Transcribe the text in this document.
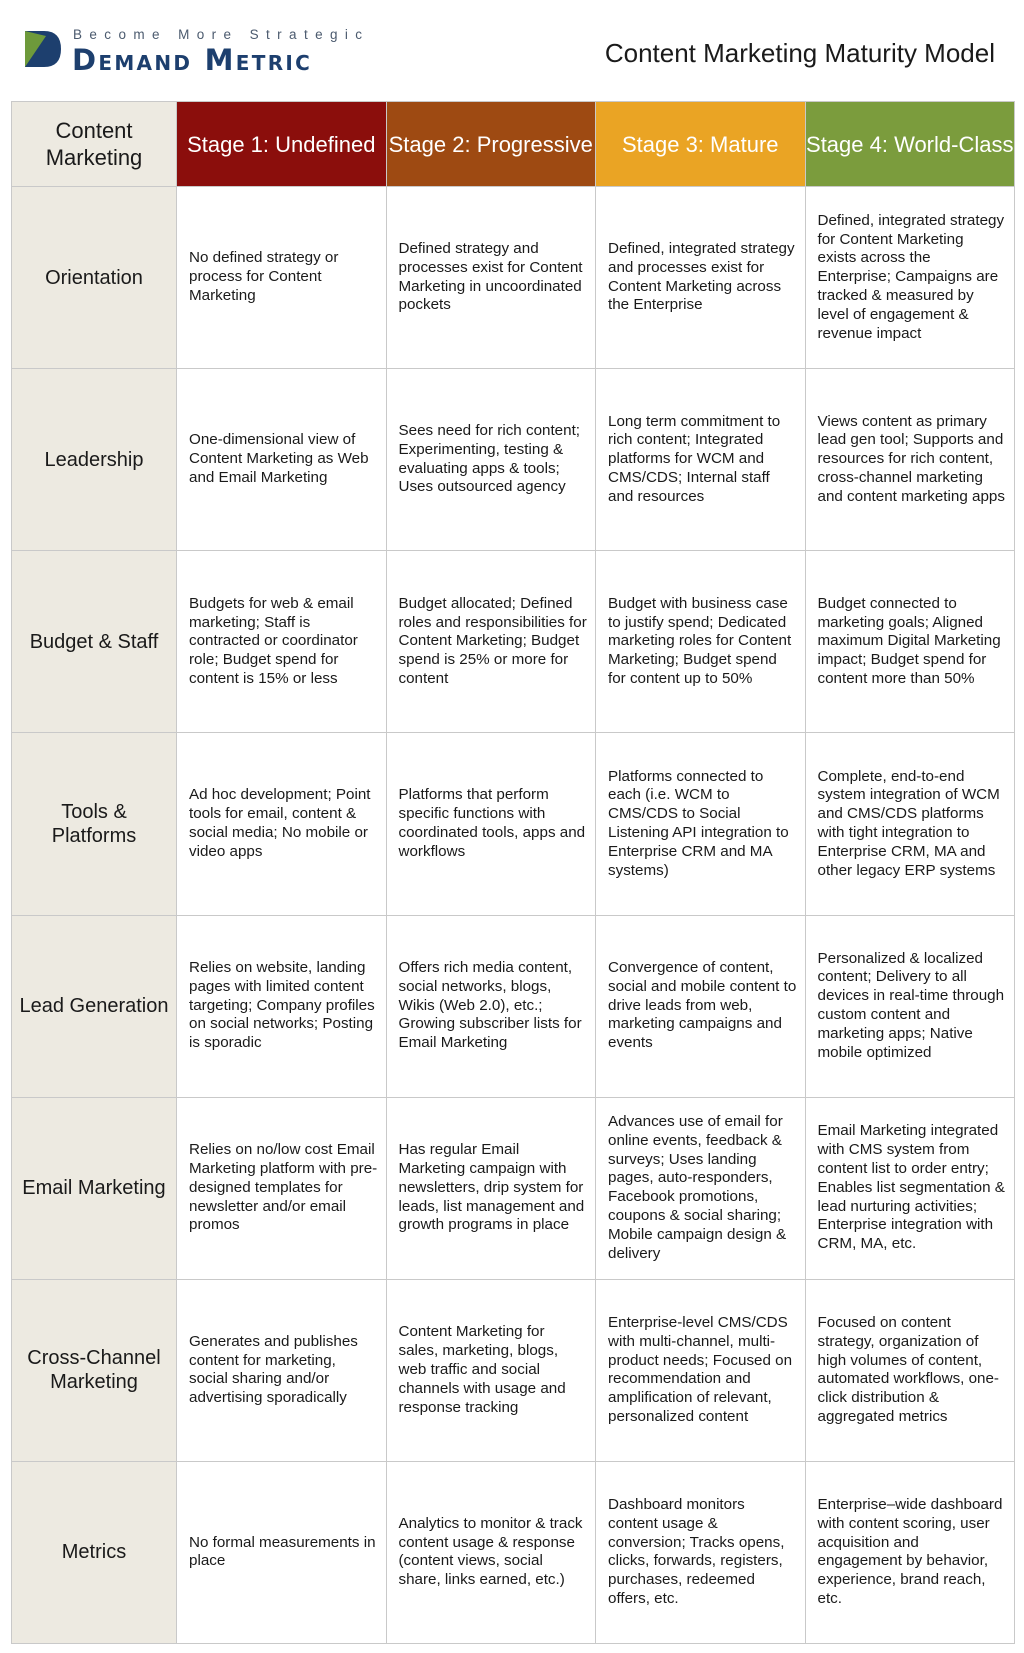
Become More Strategic
Demand Metric	Content Marketing Maturity Model
Content Marketing	Stage 1: Undefined	Stage 2: Progressive	Stage 3: Mature	Stage 4: World-Class
Orientation	No defined strategy or process for Content Marketing	Defined strategy and processes exist for Content Marketing in uncoordinated pockets	Defined, integrated strategy and processes exist for Content Marketing across the Enterprise	Defined, integrated strategy for Content Marketing exists across the Enterprise; Campaigns are tracked & measured by level of engagement & revenue impact
Leadership	One-dimensional view of Content Marketing as Web and Email Marketing	Sees need for rich content; Experimenting, testing & evaluating apps & tools; Uses outsourced agency	Long term commitment to rich content; Integrated platforms for WCM and CMS/CDS; Internal staff and resources	Views content as primary lead gen tool; Supports and resources for rich content, cross-channel marketing and content marketing apps
Budget & Staff	Budgets for web & email marketing; Staff is contracted or coordinator role; Budget spend for content is 15% or less	Budget allocated; Defined roles and responsibilities for Content Marketing; Budget spend is 25% or more for content	Budget with business case to justify spend; Dedicated marketing roles for Content Marketing; Budget spend for content up to 50%	Budget connected to marketing goals; Aligned maximum Digital Marketing impact; Budget spend for content more than 50%
Tools & Platforms	Ad hoc development; Point tools for email, content & social media; No mobile or video apps	Platforms that perform specific functions with coordinated tools, apps and workflows	Platforms connected to each (i.e. WCM to CMS/CDS to Social Listening API integration to Enterprise CRM and MA systems)	Complete, end-to-end system integration of WCM and CMS/CDS platforms with tight integration to Enterprise CRM, MA and other legacy ERP systems
Lead Generation	Relies on website, landing pages with limited content targeting; Company profiles on social networks; Posting is sporadic	Offers rich media content, social networks, blogs, Wikis (Web 2.0), etc.; Growing subscriber lists for Email Marketing	Convergence of content, social and mobile content to drive leads from web, marketing campaigns and events	Personalized & localized content; Delivery to all devices in real-time through custom content and marketing apps; Native mobile optimized
Email Marketing	Relies on no/low cost Email Marketing platform with pre-designed templates for newsletter and/or email promos	Has regular Email Marketing campaign with newsletters, drip system for leads, list management and growth programs in place	Advances use of email for online events, feedback & surveys; Uses landing pages, auto-responders, Facebook promotions, coupons & social sharing; Mobile campaign design & delivery	Email Marketing integrated with CMS system from content list to order entry; Enables list segmentation & lead nurturing activities; Enterprise integration with CRM, MA, etc.
Cross-Channel Marketing	Generates and publishes content for marketing, social sharing and/or advertising sporadically	Content Marketing for sales, marketing, blogs, web traffic and social channels with usage and response tracking	Enterprise-level CMS/CDS with multi-channel, multi-product needs; Focused on recommendation and amplification of relevant, personalized content	Focused on content strategy, organization of high volumes of content, automated workflows, one-click distribution & aggregated metrics
Metrics	No formal measurements in place	Analytics to monitor & track content usage & response (content views, social share, links earned, etc.)	Dashboard monitors content usage & conversion; Tracks opens, clicks, forwards, registers, purchases, redeemed offers, etc.	Enterprise–wide dashboard with content scoring, user acquisition and engagement by behavior, experience, brand reach, etc.
